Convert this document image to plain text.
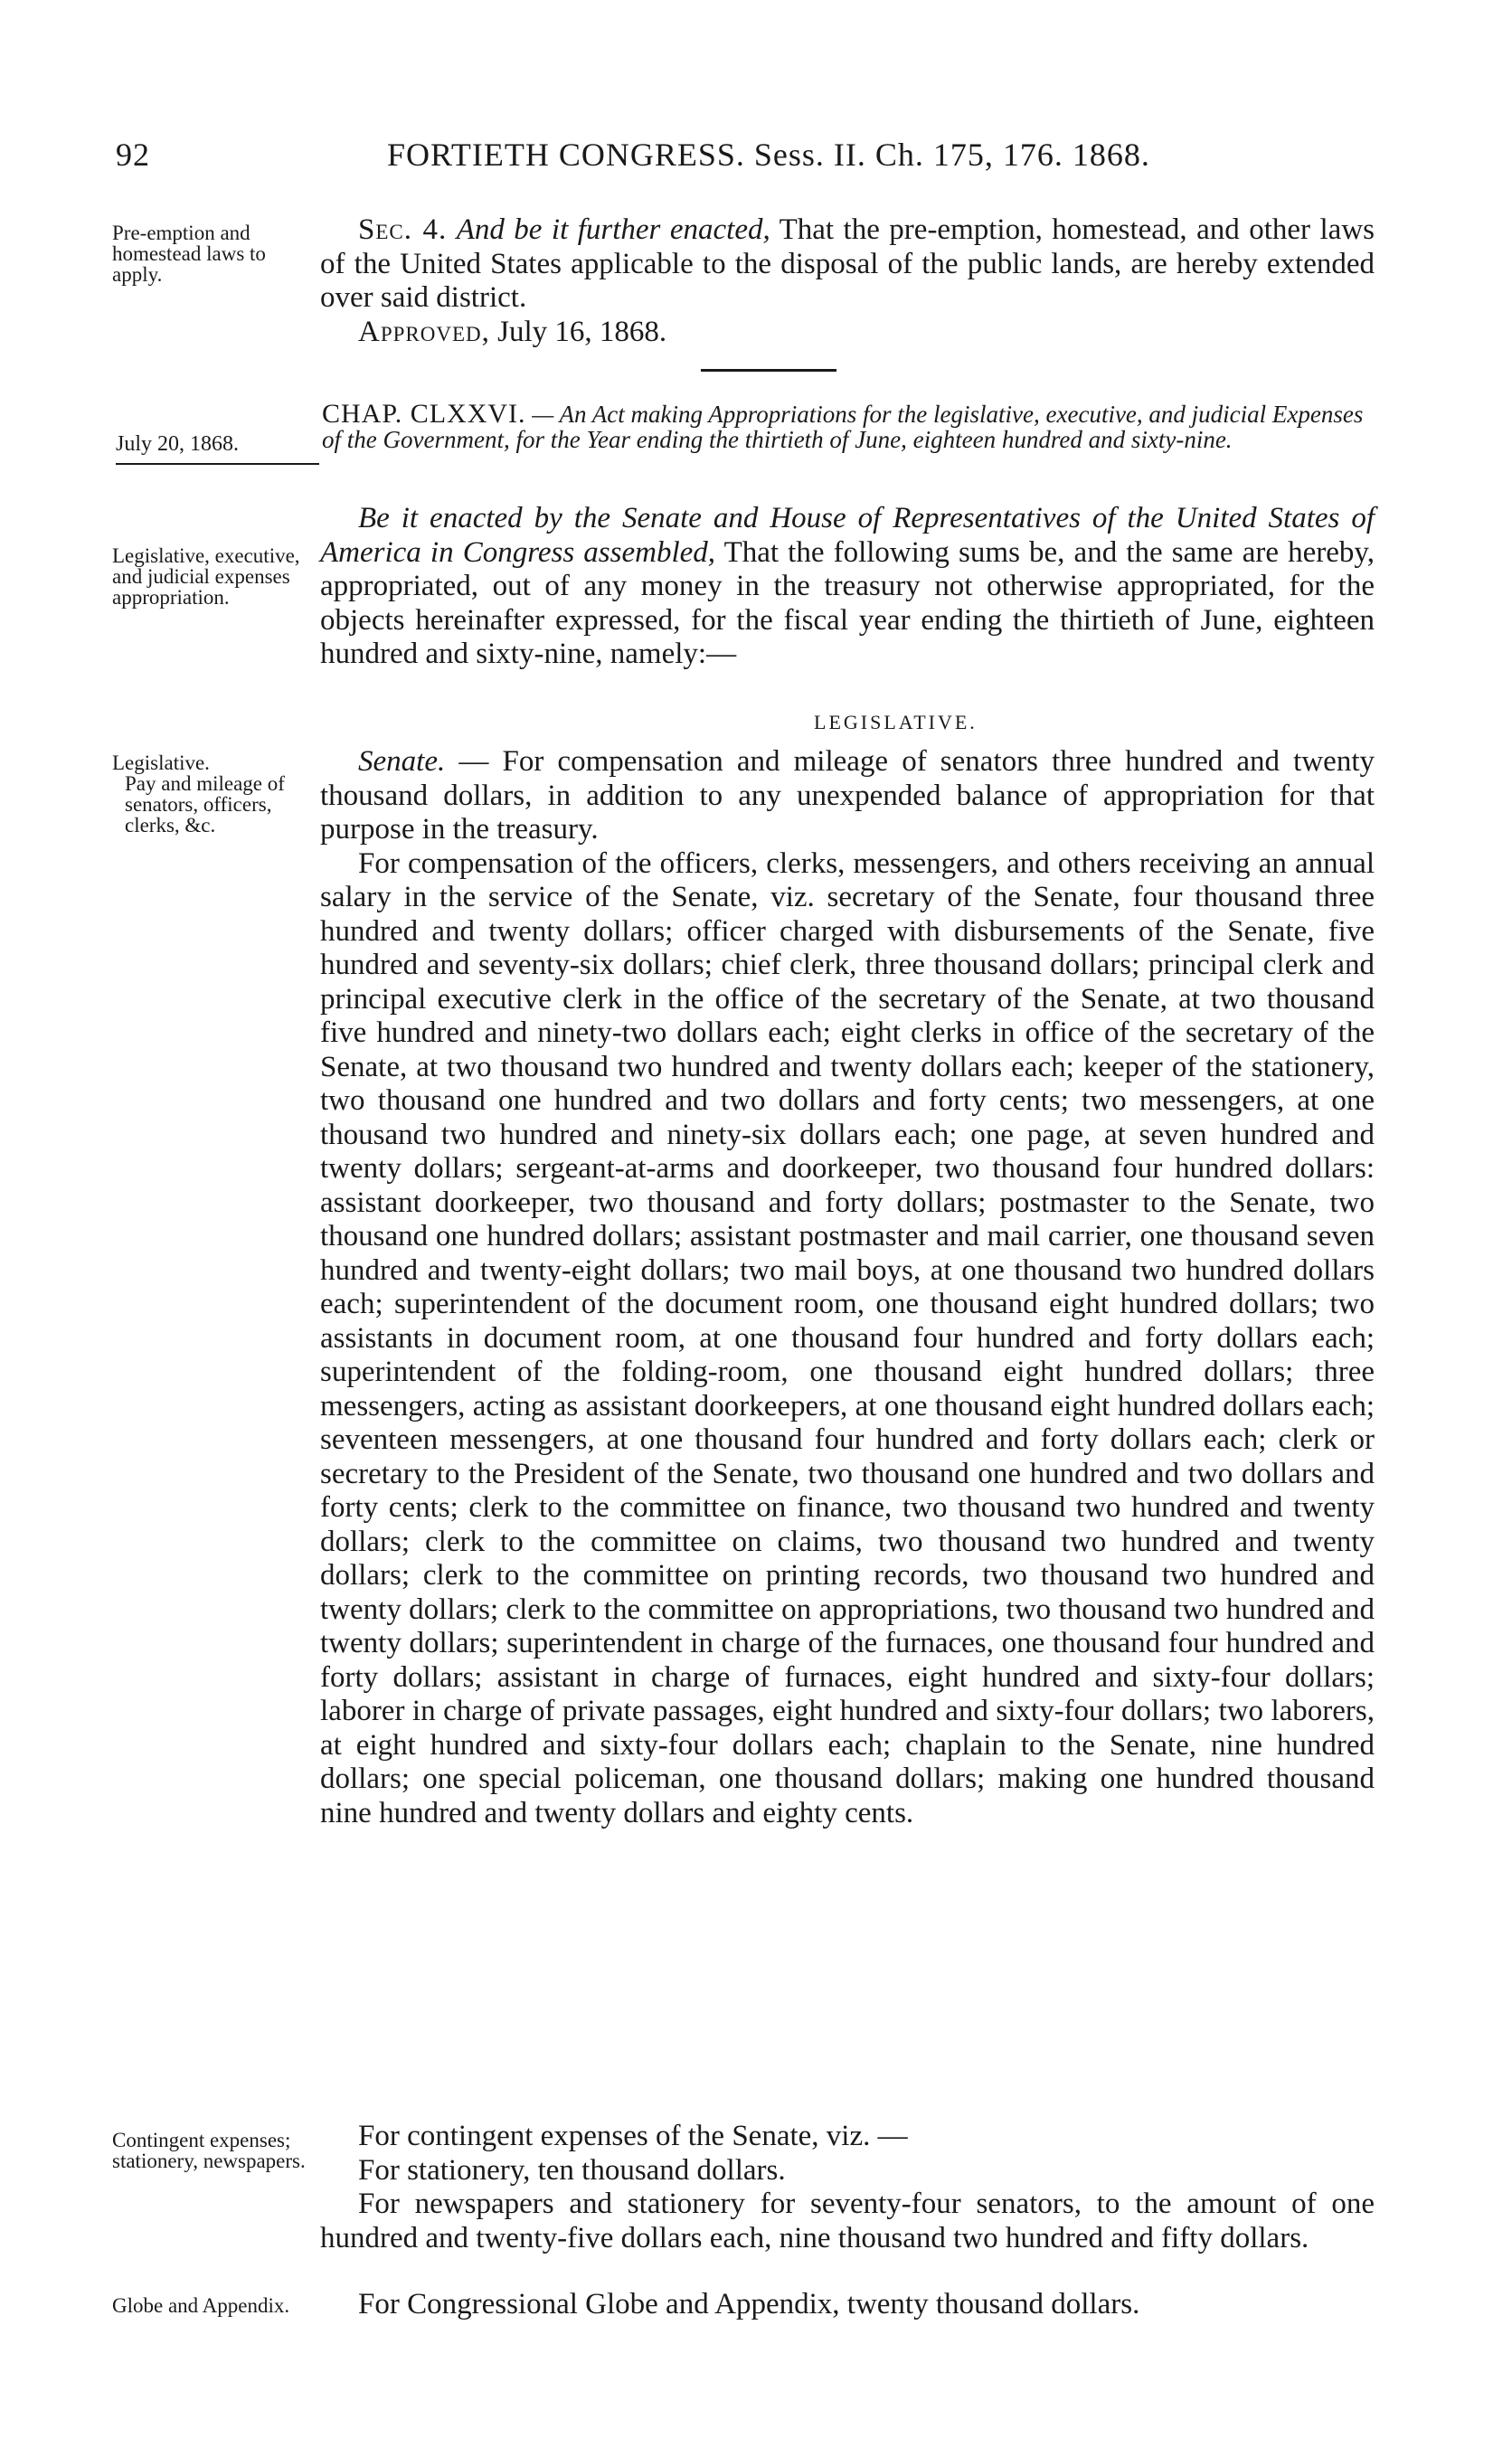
92	FORTIETH CONGRESS. Sess. II. Ch. 175, 176. 1868.

Pre-emption and homestead laws to apply.

Sec. 4. And be it further enacted, That the pre-emption, homestead, and other laws of the United States applicable to the disposal of the public lands, are hereby extended over said district.

Approved, July 16, 1868.

July 20, 1868.

CHAP. CLXXVI. — An Act making Appropriations for the legislative, executive, and judicial Expenses of the Government, for the Year ending the thirtieth of June, eighteen hundred and sixty-nine.

Legislative, executive, and judicial expenses appropriation.

Be it enacted by the Senate and House of Representatives of the United States of America in Congress assembled, That the following sums be, and the same are hereby, appropriated, out of any money in the treasury not otherwise appropriated, for the objects hereinafter expressed, for the fiscal year ending the thirtieth of June, eighteen hundred and sixty-nine, namely:—

LEGISLATIVE.

Legislative.

Pay and mileage of senators, officers, clerks, &c.

Senate. — For compensation and mileage of senators three hundred and twenty thousand dollars, in addition to any unexpended balance of appropriation for that purpose in the treasury.

For compensation of the officers, clerks, messengers, and others receiving an annual salary in the service of the Senate, viz. secretary of the Senate, four thousand three hundred and twenty dollars; officer charged with disbursements of the Senate, five hundred and seventy-six dollars; chief clerk, three thousand dollars; principal clerk and principal executive clerk in the office of the secretary of the Senate, at two thousand five hundred and ninety-two dollars each; eight clerks in office of the secretary of the Senate, at two thousand two hundred and twenty dollars each; keeper of the stationery, two thousand one hundred and two dollars and forty cents; two messengers, at one thousand two hundred and ninety-six dollars each; one page, at seven hundred and twenty dollars; sergeant-at-arms and doorkeeper, two thousand four hundred dollars: assistant doorkeeper, two thousand and forty dollars; postmaster to the Senate, two thousand one hundred dollars; assistant postmaster and mail carrier, one thousand seven hundred and twenty-eight dollars; two mail boys, at one thousand two hundred dollars each; superintendent of the document room, one thousand eight hundred dollars; two assistants in document room, at one thousand four hundred and forty dollars each; superintendent of the folding-room, one thousand eight hundred dollars; three messengers, acting as assistant doorkeepers, at one thousand eight hundred dollars each; seventeen messengers, at one thousand four hundred and forty dollars each; clerk or secretary to the President of the Senate, two thousand one hundred and two dollars and forty cents; clerk to the committee on finance, two thousand two hundred and twenty dollars; clerk to the committee on claims, two thousand two hundred and twenty dollars; clerk to the committee on printing records, two thousand two hundred and twenty dollars; clerk to the committee on appropriations, two thousand two hundred and twenty dollars; superintendent in charge of the furnaces, one thousand four hundred and forty dollars; assistant in charge of furnaces, eight hundred and sixty-four dollars; laborer in charge of private passages, eight hundred and sixty-four dollars; two laborers, at eight hundred and sixty-four dollars each; chaplain to the Senate, nine hundred dollars; one special policeman, one thousand dollars; making one hundred thousand nine hundred and twenty dollars and eighty cents.

Contingent expenses; stationery, newspapers.

For contingent expenses of the Senate, viz. —

For stationery, ten thousand dollars.

For newspapers and stationery for seventy-four senators, to the amount of one hundred and twenty-five dollars each, nine thousand two hundred and fifty dollars.

Globe and Appendix.	For Congressional Globe and Appendix, twenty thousand dollars.
